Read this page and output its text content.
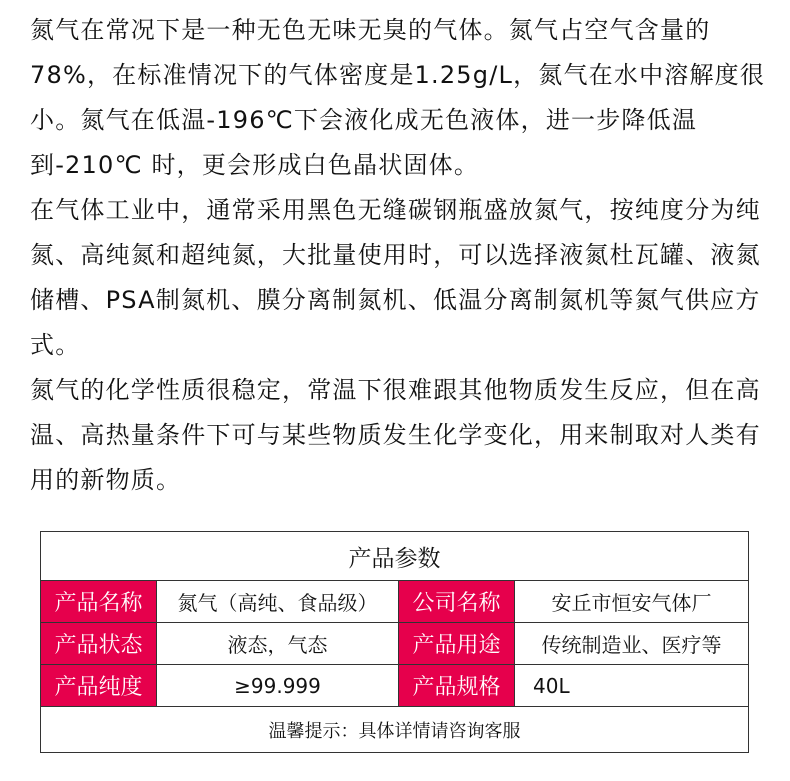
氮气在常况下是一种无色无味无臭的气体。氮气占空气含量的78%，在标准情况下的气体密度是1.25g/L，氮气在水中溶解度很小。氮气在低温-196℃下会液化成无色液体，进一步降低温到-210℃ 时，更会形成白色晶状固体。

在气体工业中，通常采用黑色无缝碳钢瓶盛放氮气，按纯度分为纯氮、高纯氮和超纯氮，大批量使用时，可以选择液氮杜瓦罐、液氮储槽、PSA制氮机、膜分离制氮机、低温分离制氮机等氮气供应方式。

氮气的化学性质很稳定，常温下很难跟其他物质发生反应，但在高温、高热量条件下可与某些物质发生化学变化，用来制取对人类有用的新物质。

产品参数			
产品名称	氮气（高纯、食品级）	公司名称	安丘市恒安气体厂
产品状态	液态，气态	产品用途	传统制造业、医疗等
产品纯度	≥99.999	产品规格	40L
温馨提示：具体详情请咨询客服			
